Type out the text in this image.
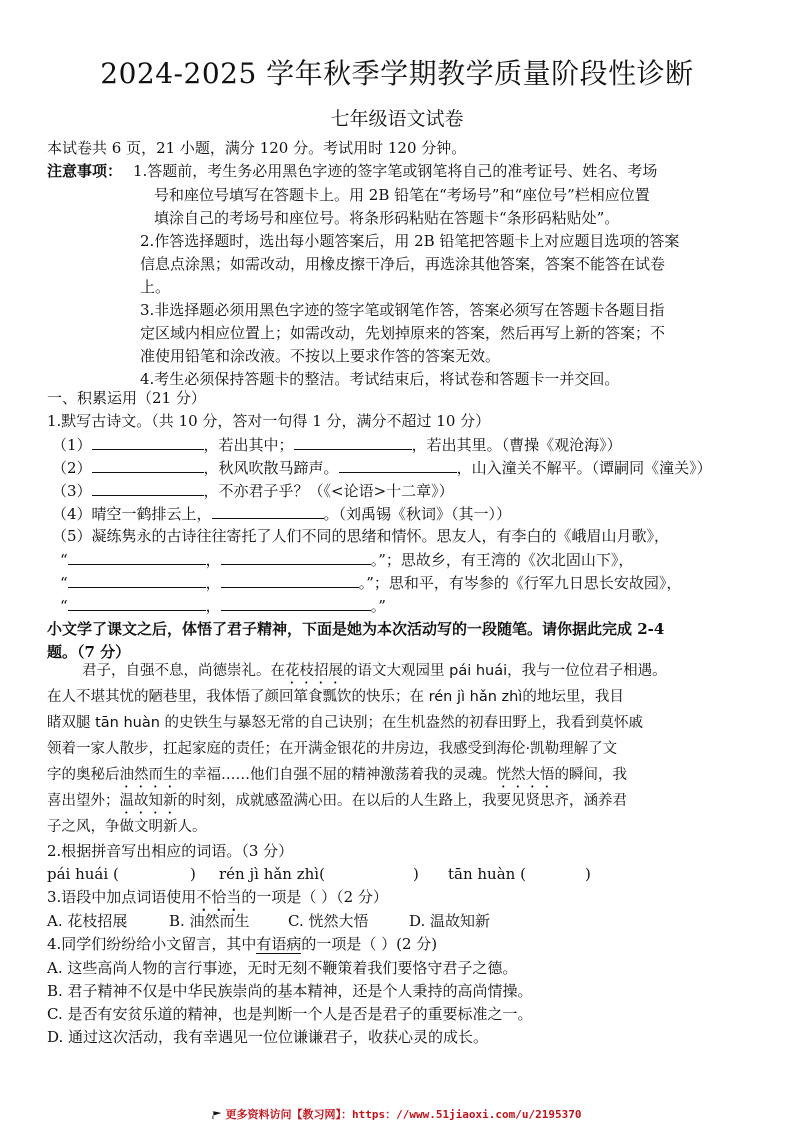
2024-2025 学年秋季学期教学质量阶段性诊断
七年级语文试卷
本试卷共 6 页，21 小题，满分 120 分。考试用时 120 分钟。
注意事项： 1.答题前，考生务必用黑色字迹的签字笔或钢笔将自己的准考证号、姓名、考场
号和座位号填写在答题卡上。用 2B 铅笔在“考场号”和“座位号”栏相应位置
填涂自己的考场号和座位号。将条形码粘贴在答题卡“条形码粘贴处”。
2.作答选择题时，选出每小题答案后，用 2B 铅笔把答题卡上对应题目选项的答案
信息点涂黑；如需改动，用橡皮擦干净后，再选涂其他答案，答案不能答在试卷
上。
3.非选择题必须用黑色字迹的签字笔或钢笔作答，答案必须写在答题卡各题目指
定区域内相应位置上；如需改动，先划掉原来的答案，然后再写上新的答案；不
准使用铅笔和涂改液。不按以上要求作答的答案无效。
4.考生必须保持答题卡的整洁。考试结束后，将试卷和答题卡一并交回。
一、积累运用（21 分）
1.默写古诗文。（共 10 分，答对一句得 1 分，满分不超过 10 分）
（1）	，若出其中；	，若出其里。（曹操《观沧海》）
（2）	，秋风吹散马蹄声。	，山入潼关不解平。（谭嗣同《潼关》）
（3）	，不亦君子乎？（《<论语>十二章》）
（4）晴空一鹤排云上，	。（刘禹锡《秋词》（其一））
（5）凝练隽永的古诗往往寄托了人们不同的思绪和情怀。思友人，有李白的《峨眉山月歌》，
“	，	。”；思故乡，有王湾的《次北固山下》，
“	，	。”；思和平，有岑参的《行军九日思长安故园》，
“	，	。”
小文学了课文之后，体悟了君子精神，下面是她为本次活动写的一段随笔。请你据此完成 2-4
题。（7 分）
君子，自强不息，尚德崇礼。在花枝招展的语文大观园里 pái huái，我与一位位君子相遇。
在人不堪其忧的陋巷里，我体悟了颜回箪食瓢饮的快乐；在 rén jì hǎn zhì的地坛里，我目
睹双腿 tān huàn 的史铁生与暴怒无常的自己诀别；在生机盎然的初春田野上，我看到莫怀戚
领着一家人散步，扛起家庭的责任；在开满金银花的井房边，我感受到海伦·凯勒理解了文
字的奥秘后油然而生的幸福……他们自强不屈的精神激荡着我的灵魂。恍然大悟的瞬间，我
喜出望外；温故知新的时刻，成就感盈满心田。在以后的人生路上，我要见贤思齐，涵养君
子之风，争做文明新人。
2.根据拼音写出相应的词语。（3 分）
pái huái (	) rén jì hǎn zhì(	) tān huàn (	)
3.语段中加点词语使用不恰当的一项是（ ）（2 分）
A. 花枝招展	B. 油然而生	C. 恍然大悟	D. 温故知新
4.同学们纷纷给小文留言，其中有语病的一项是（ ）(2 分)
A. 这些高尚人物的言行事迹，无时无刻不鞭策着我们要恪守君子之德。
B. 君子精神不仅是中华民族崇尚的基本精神，还是个人秉持的高尚情操。
C. 是否有安贫乐道的精神，也是判断一个人是否是君子的重要标准之一。
D. 通过这次活动，我有幸遇见一位位谦谦君子，收获心灵的成长。
更多资料访问【教习网】：https：//www.51jiaoxi.com/u/2195370
